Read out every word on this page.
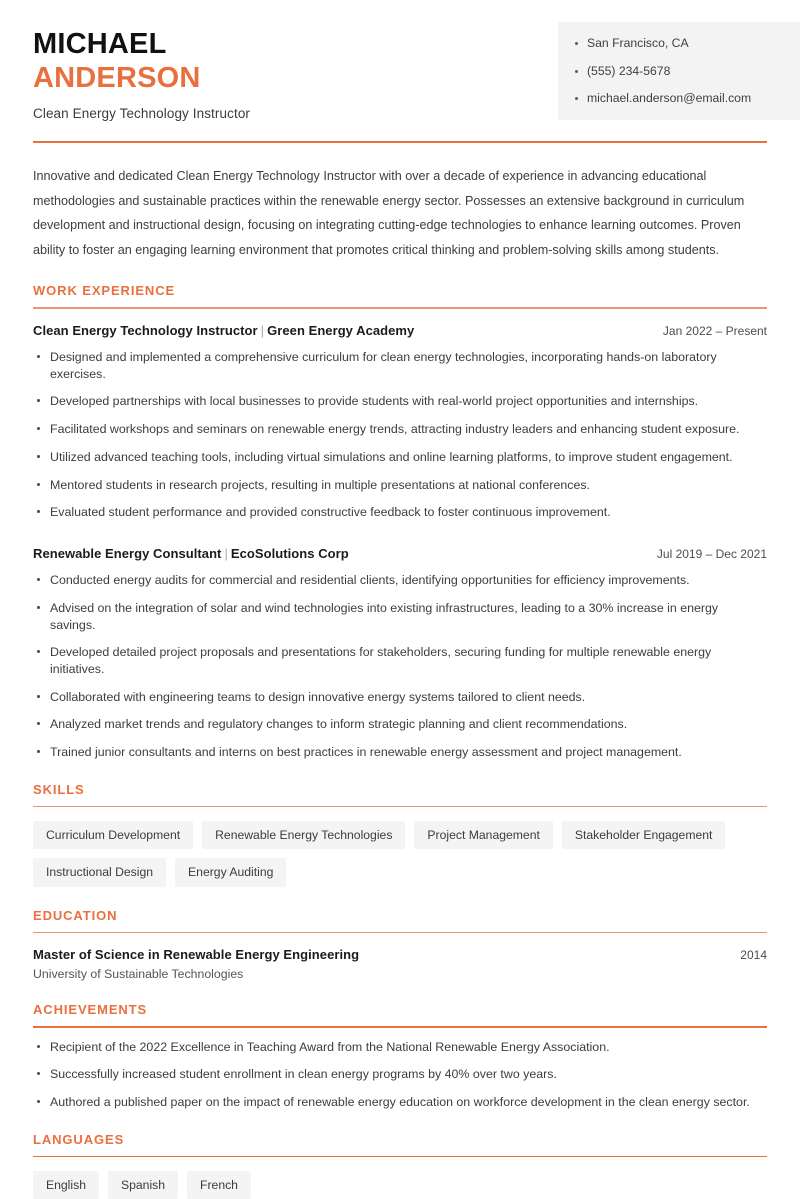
MICHAEL
ANDERSON
Clean Energy Technology Instructor
San Francisco, CA
(555) 234-5678
michael.anderson@email.com

Innovative and dedicated Clean Energy Technology Instructor with over a decade of experience in advancing educational methodologies and sustainable practices within the renewable energy sector. Possesses an extensive background in curriculum development and instructional design, focusing on integrating cutting-edge technologies to enhance learning outcomes. Proven ability to foster an engaging learning environment that promotes critical thinking and problem-solving skills among students.

WORK EXPERIENCE
Clean Energy Technology Instructor | Green Energy Academy	Jan 2022 – Present
Designed and implemented a comprehensive curriculum for clean energy technologies, incorporating hands-on laboratory exercises.
Developed partnerships with local businesses to provide students with real-world project opportunities and internships.
Facilitated workshops and seminars on renewable energy trends, attracting industry leaders and enhancing student exposure.
Utilized advanced teaching tools, including virtual simulations and online learning platforms, to improve student engagement.
Mentored students in research projects, resulting in multiple presentations at national conferences.
Evaluated student performance and provided constructive feedback to foster continuous improvement.
Renewable Energy Consultant | EcoSolutions Corp	Jul 2019 – Dec 2021
Conducted energy audits for commercial and residential clients, identifying opportunities for efficiency improvements.
Advised on the integration of solar and wind technologies into existing infrastructures, leading to a 30% increase in energy savings.
Developed detailed project proposals and presentations for stakeholders, securing funding for multiple renewable energy initiatives.
Collaborated with engineering teams to design innovative energy systems tailored to client needs.
Analyzed market trends and regulatory changes to inform strategic planning and client recommendations.
Trained junior consultants and interns on best practices in renewable energy assessment and project management.
SKILLS
Curriculum Development	Renewable Energy Technologies	Project Management	Stakeholder Engagement
Instructional Design	Energy Auditing
EDUCATION
Master of Science in Renewable Energy Engineering	2014
University of Sustainable Technologies
ACHIEVEMENTS
Recipient of the 2022 Excellence in Teaching Award from the National Renewable Energy Association.
Successfully increased student enrollment in clean energy programs by 40% over two years.
Authored a published paper on the impact of renewable energy education on workforce development in the clean energy sector.
LANGUAGES
English	Spanish	French
